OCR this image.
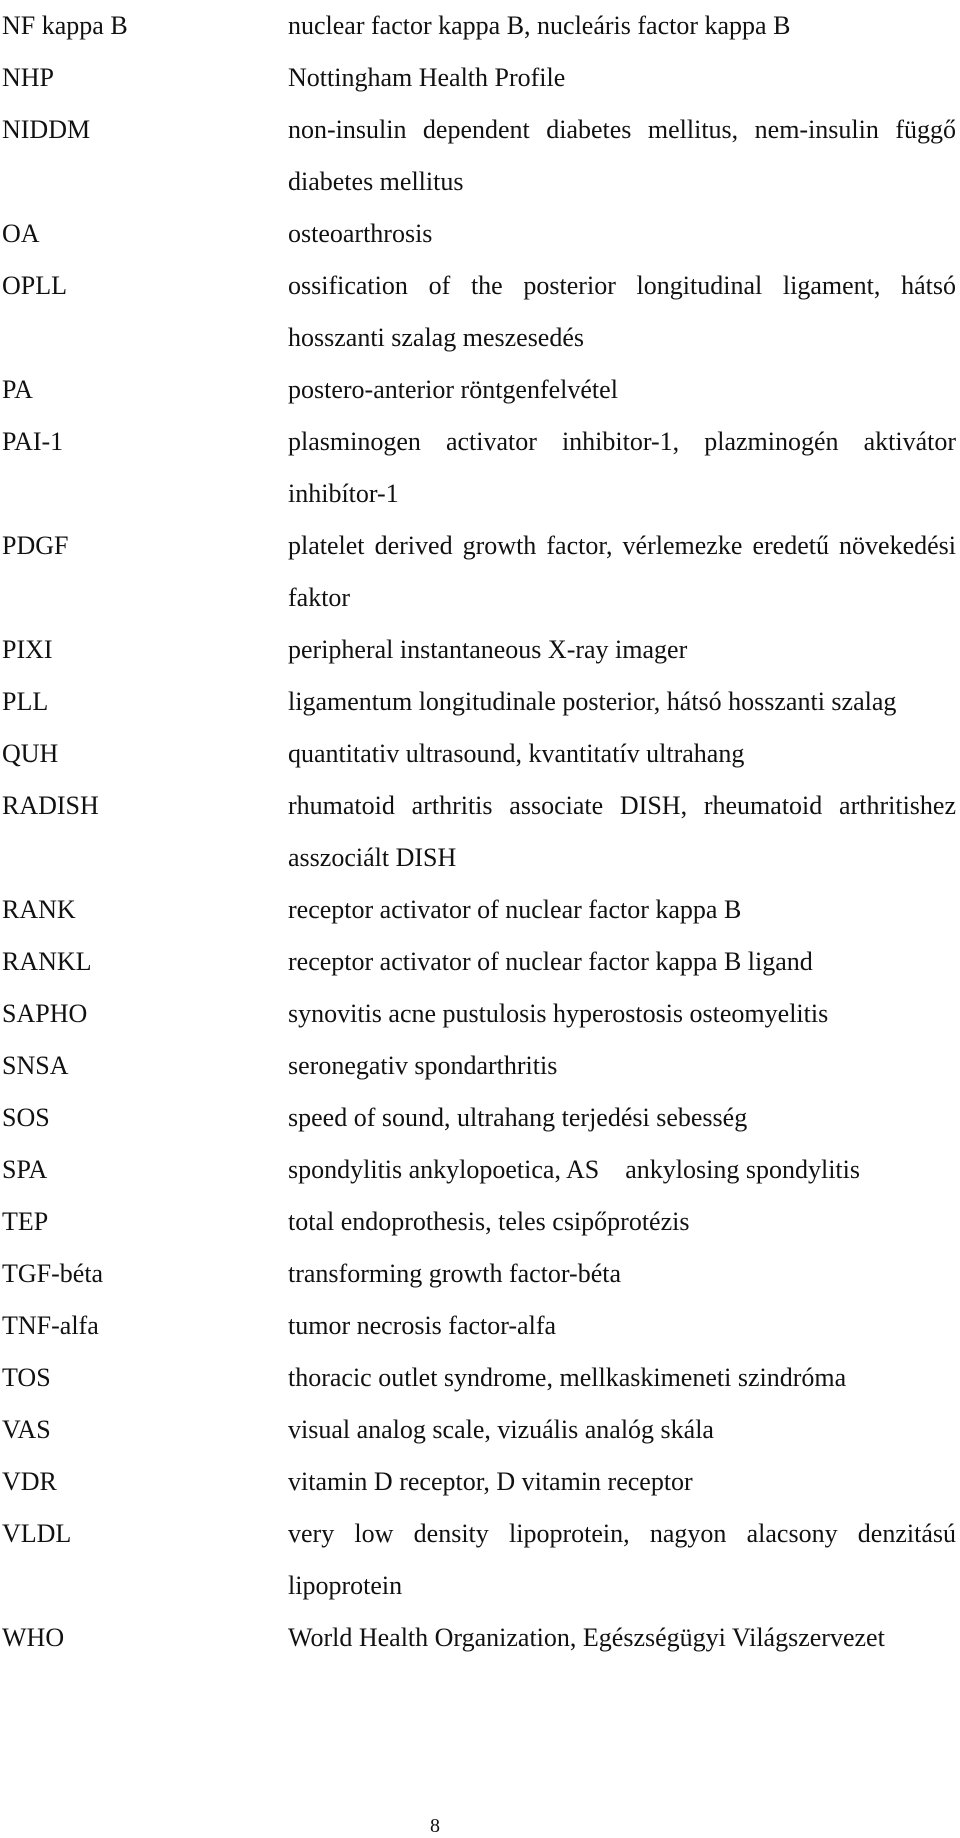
NF kappa B	nuclear factor kappa B, nucleáris factor kappa B
NHP	Nottingham Health Profile
NIDDM	non-insulin dependent diabetes mellitus, nem-insulin függő diabetes mellitus
OA	osteoarthrosis
OPLL	ossification of the posterior longitudinal ligament, hátsó hosszanti szalag meszesedés
PA	postero-anterior röntgenfelvétel
PAI-1	plasminogen activator inhibitor-1, plazminogén aktivátor inhibítor-1
PDGF	platelet derived growth factor, vérlemezke eredetű növekedési faktor
PIXI	peripheral instantaneous X-ray imager
PLL	ligamentum longitudinale posterior, hátsó hosszanti szalag
QUH	quantitativ ultrasound, kvantitatív ultrahang
RADISH	rhumatoid arthritis associate DISH, rheumatoid arthritishez asszociált DISH
RANK	receptor activator of nuclear factor kappa B
RANKL	receptor activator of nuclear factor kappa B ligand
SAPHO	synovitis acne pustulosis hyperostosis osteomyelitis
SNSA	seronegativ spondarthritis
SOS	speed of sound, ultrahang terjedési sebesség
SPA	spondylitis ankylopoetica, AS    ankylosing spondylitis
TEP	total endoprothesis, teles csipőprotézis
TGF-béta	transforming growth factor-béta
TNF-alfa	tumor necrosis factor-alfa
TOS	thoracic outlet syndrome, mellkaskimeneti szindróma
VAS	visual analog scale, vizuális analóg skála
VDR	vitamin D receptor, D vitamin receptor
VLDL	very low density lipoprotein, nagyon alacsony denzitású lipoprotein
WHO	World Health Organization, Egészségügyi Világszervezet
8
